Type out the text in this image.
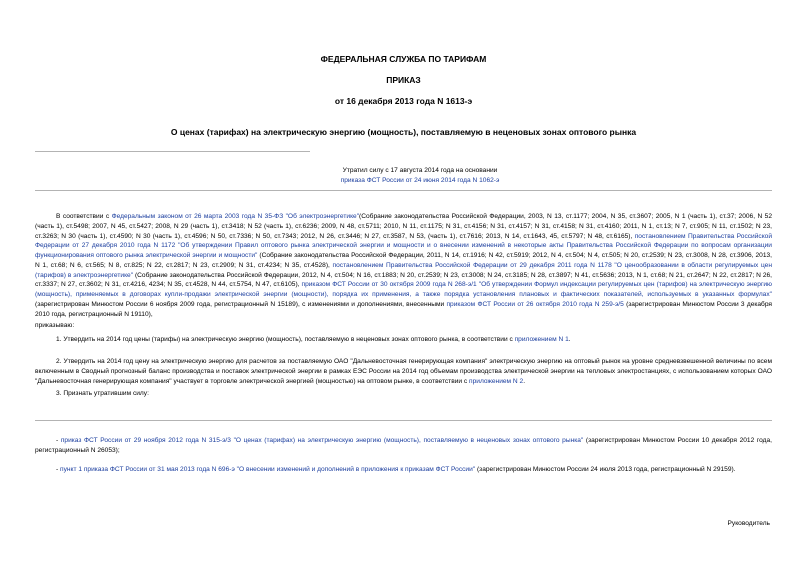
ФЕДЕРАЛЬНАЯ СЛУЖБА ПО ТАРИФАМ
ПРИКАЗ
от 16 декабря 2013 года N 1613-э
О ценах (тарифах) на электрическую энергию (мощность), поставляемую в неценовых зонах оптового рынка
Утратил силу с 17 августа 2014 года на основании
приказа ФСТ России от 24 июня 2014 года N 1062-э

В соответствии с Федеральным законом от 26 марта 2003 года N 35-ФЗ "Об электроэнергетике"(Собрание законодательства Российской Федерации, 2003, N 13, ст.1177; 2004, N 35, ст.3607; 2005, N 1 (часть 1), ст.37; 2006, N 52 (часть 1), ст.5498; 2007, N 45, ст.5427; 2008, N 29 (часть 1), ст.3418; N 52 (часть 1), ст.6236; 2009, N 48, ст.5711; 2010, N 11, ст.1175; N 31, ст.4156; N 31, ст.4157; N 31, ст.4158; N 31, ст.4160; 2011, N 1, ст.13; N 7, ст.905; N 11, ст.1502; N 23, ст.3263; N 30 (часть 1), ст.4590; N 30 (часть 1), ст.4596; N 50, ст.7336; N 50, ст.7343; 2012, N 26, ст.3446; N 27, ст.3587, N 53, (часть 1), ст.7616; 2013, N 14, ст.1643, 45, ст.5797; N 48, ст.6165), постановлением Правительства Российской Федерации от 27 декабря 2010 года N 1172 "Об утверждении Правил оптового рынка электрической энергии и мощности и о внесении изменений в некоторые акты Правительства Российской Федерации по вопросам организации функционирования оптового рынка электрической энергии и мощности" (Собрание законодательства Российской Федерации, 2011, N 14, ст.1916; N 42, ст.5919; 2012, N 4, ст.504; N 4, ст.505; N 20, ст.2539; N 23, ст.3008, N 28, ст.3906, 2013, N 1, ст.68; N 6, ст.565; N 8, ст.825; N 22, ст.2817; N 23, ст.2909; N 31, ст.4234; N 35, ст.4528), постановлением Правительства Российской Федерации от 29 декабря 2011 года N 1178 "О ценообразовании в области регулируемых цен (тарифов) в электроэнергетике" (Собрание законодательства Российской Федерации, 2012, N 4, ст.504; N 16, ст.1883; N 20, ст.2539; N 23, ст.3008; N 24, ст.3185; N 28, ст.3897; N 41, ст.5636; 2013, N 1, ст.68; N 21, ст.2647; N 22, ст.2817; N 26, ст.3337; N 27, ст.3602; N 31, ст.4216, 4234; N 35, ст.4528, N 44, ст.5754, N 47, ст.6105), приказом ФСТ России от 30 октября 2009 года N 268-э/1 "Об утверждении Формул индексации регулируемых цен (тарифов) на электрическую энергию (мощность), применяемых в договорах купли-продажи электрической энергии (мощности), порядка их применения, а также порядка установления плановых и фактических показателей, используемых в указанных формулах" (зарегистрирован Минюстом России 6 ноября 2009 года, регистрационный N 15189), с изменениями и дополнениями, внесенными приказом ФСТ России от 26 октября 2010 года N 259-э/5 (зарегистрирован Минюстом России 3 декабря 2010 года, регистрационный N 19110),

приказываю:

1. Утвердить на 2014 год цены (тарифы) на электрическую энергию (мощность), поставляемую в неценовых зонах оптового рынка, в соответствии с приложением N 1.

2. Утвердить на 2014 год цену на электрическую энергию для расчетов за поставляемую ОАО "Дальневосточная генерирующая компания" электрическую энергию на оптовый рынок на уровне средневзвешенной величины по всем включенным в Сводный прогнозный баланс производства и поставок электрической энергии в рамках ЕЭС России на 2014 год объемам производства электрической энергии на тепловых электростанциях, с использованием которых ОАО "Дальневосточная генерирующая компания" участвует в торговле электрической энергией (мощностью) на оптовом рынке, в соответствии с приложением N 2.

3. Признать утратившим силу:

- приказ ФСТ России от 29 ноября 2012 года N 315-э/3 "О ценах (тарифах) на электрическую энергию (мощность), поставляемую в неценовых зонах оптового рынка" (зарегистрирован Минюстом России 10 декабря 2012 года, регистрационный N 26053);

- пункт 1 приказа ФСТ России от 31 мая 2013 года N 696-э "О внесении изменений и дополнений в приложения к приказам ФСТ России" (зарегистрирован Минюстом России 24 июля 2013 года, регистрационный N 29159).

Руководитель
